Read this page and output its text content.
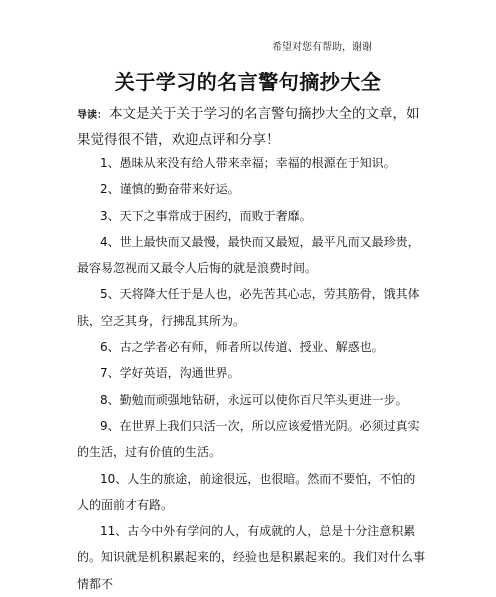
希望对您有帮助，谢谢
关于学习的名言警句摘抄大全
导读： 本文是关于关于学习的名言警句摘抄大全的文章，如果觉得很不错，欢迎点评和分享！

1、愚昧从来没有给人带来幸福；幸福的根源在于知识。

2、谨慎的勤奋带来好运。

3、天下之事常成于困约，而败于奢靡。

4、世上最快而又最慢，最快而又最短，最平凡而又最珍贵，最容易忽视而又最令人后悔的就是浪费时间。

5、天将降大任于是人也，必先苦其心志，劳其筋骨，饿其体肤，空乏其身，行拂乱其所为。

6、古之学者必有师，师者所以传道、授业、解惑也。

7、学好英语，沟通世界。

8、勤勉而顽强地钻研，永远可以使你百尺竿头更进一步。

9、在世界上我们只活一次，所以应该爱惜光阴。必须过真实的生活，过有价值的生活。

10、人生的旅途，前途很远，也很暗。然而不要怕，不怕的人的面前才有路。

11、古今中外有学问的人，有成就的人，总是十分注意积累的。知识就是机积累起来的，经验也是积累起来的。我们对什么事情都不
